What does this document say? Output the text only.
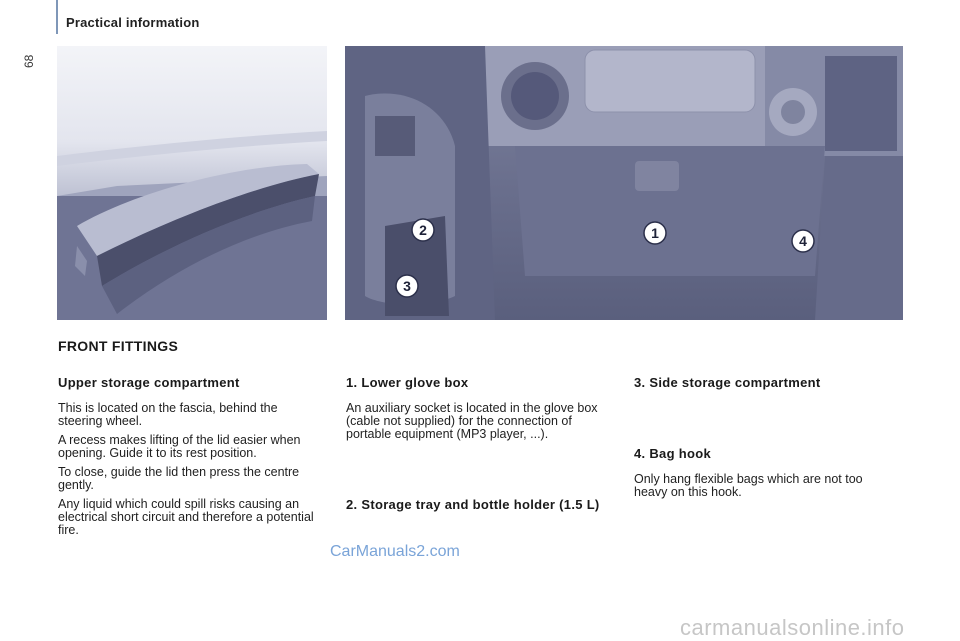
68
Practical information
1
2
3
4
FRONT FITTINGS
Upper storage compartment

This is located on the fascia, behind the steering wheel.

A recess makes lifting of the lid easier when opening. Guide it to its rest position.

To close, guide the lid then press the centre gently.

Any liquid which could spill risks causing an electrical short circuit and therefore a potential fire.

1. Lower glove box
An auxiliary socket is located in the glove box (cable not supplied) for the connection of portable equipment (MP3 player, ...).
2. Storage tray and bottle holder (1.5 L)
3. Side storage compartment
4. Bag hook
Only hang flexible bags which are not too heavy on this hook.
CarManuals2.com
carmanualsonline.info
